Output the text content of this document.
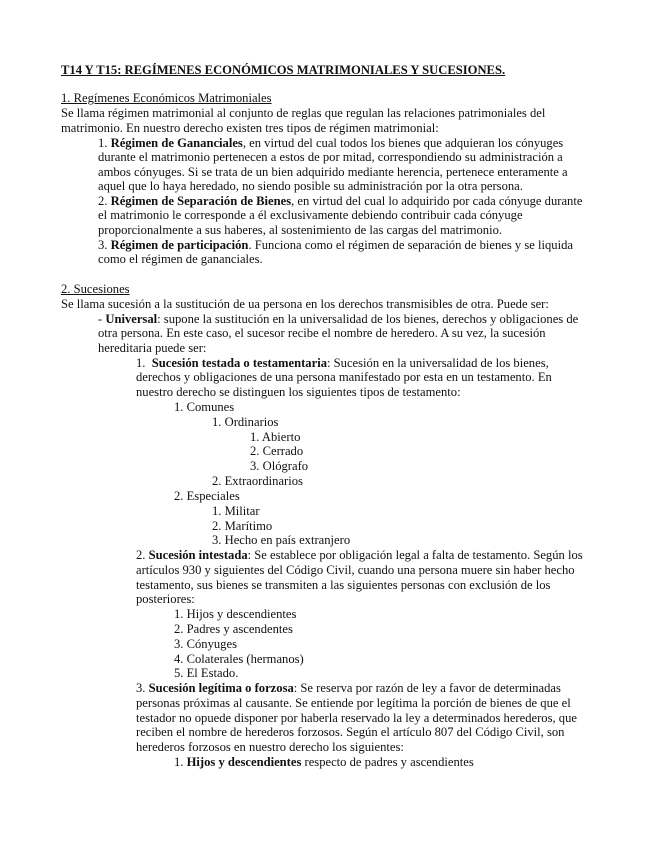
T14 Y T15: REGÍMENES ECONÓMICOS MATRIMONIALES Y SUCESIONES.
1. Regímenes Económicos Matrimoniales
Se llama régimen matrimonial al conjunto de reglas que regulan las relaciones patrimoniales del
matrimonio. En nuestro derecho existen tres tipos de régimen matrimonial:
1. Régimen de Gananciales, en virtud del cual todos los bienes que adquieran los cónyuges
durante el matrimonio pertenecen a estos de por mitad, correspondiendo su administración a
ambos cónyuges. Si se trata de un bien adquirido mediante herencia, pertenece enteramente a
aquel que lo haya heredado, no siendo posible su administración por la otra persona.
2. Régimen de Separación de Bienes, en virtud del cual lo adquirido por cada cónyuge durante
el matrimonio le corresponde a él exclusivamente debiendo contribuir cada cónyuge
proporcionalmente a sus haberes, al sostenimiento de las cargas del matrimonio.
3. Régimen de participación. Funciona como el régimen de separación de bienes y se liquida
como el régimen de gananciales.
2. Sucesiones
Se llama sucesión a la sustitución de ua persona en los derechos transmisibles de otra. Puede ser:
- Universal: supone la sustitución en la universalidad de los bienes, derechos y obligaciones de
otra persona. En este caso, el sucesor recibe el nombre de heredero. A su vez, la sucesión
hereditaria puede ser:
1. Sucesión testada o testamentaria: Sucesión en la universalidad de los bienes,
derechos y obligaciones de una persona manifestado por esta en un testamento. En
nuestro derecho se distinguen los siguientes tipos de testamento:
1. Comunes
1. Ordinarios
1. Abierto
2. Cerrado
3. Ológrafo
2. Extraordinarios
2. Especiales
1. Militar
2. Marítimo
3. Hecho en país extranjero
2. Sucesión intestada: Se establece por obligación legal a falta de testamento. Según los
artículos 930 y siguientes del Código Civil, cuando una persona muere sin haber hecho
testamento, sus bienes se transmiten a las siguientes personas con exclusión de los
posteriores:
1. Hijos y descendientes
2. Padres y ascendentes
3. Cónyuges
4. Colaterales (hermanos)
5. El Estado.
3. Sucesión legítima o forzosa: Se reserva por razón de ley a favor de determinadas
personas próximas al causante. Se entiende por legítima la porción de bienes de que el
testador no opuede disponer por haberla reservado la ley a determinados herederos, que
reciben el nombre de herederos forzosos. Según el artículo 807 del Código Civil, son
herederos forzosos en nuestro derecho los siguientes:
1. Hijos y descendientes respecto de padres y ascendientes
